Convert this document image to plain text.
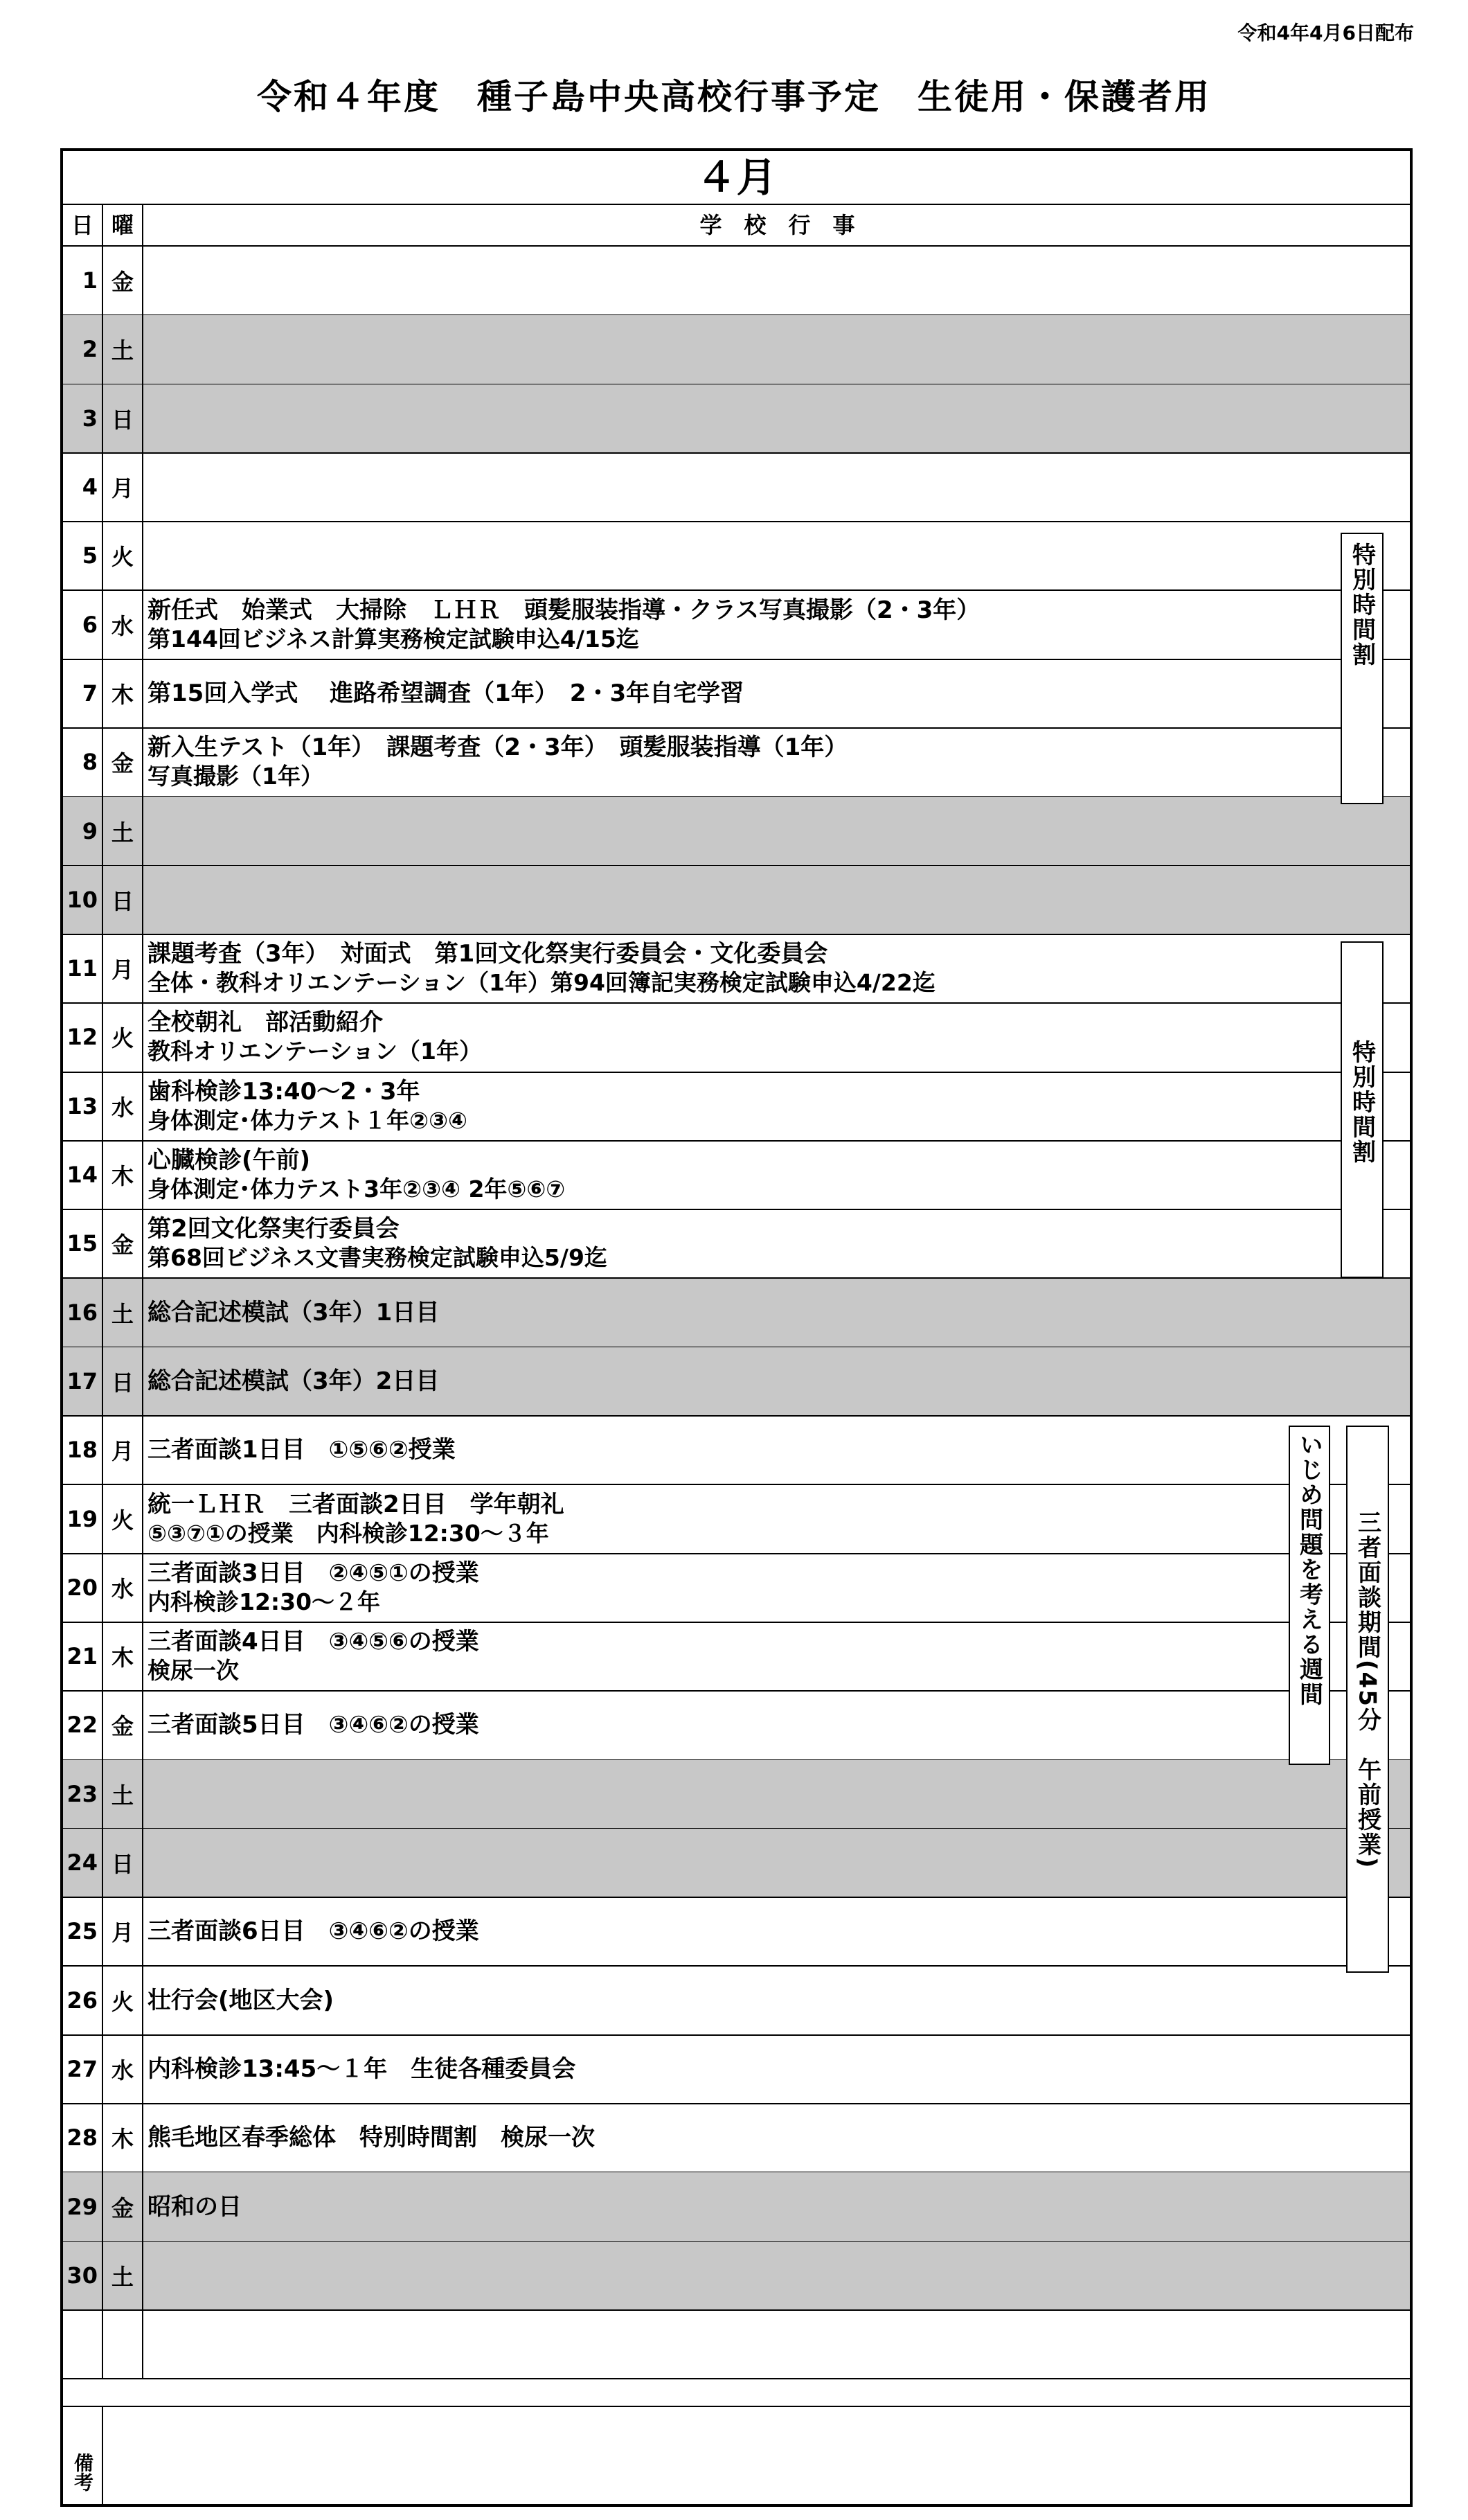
令和4年4月6日配布
令和４年度　種子島中央高校行事予定　生徒用・保護者用
４月
日 曜	学　校　行　事
1 金
2 土
3 日
4 月
5 火
6 水
新任式　始業式　大掃除　ＬＨＲ　頭髪服装指導・クラス写真撮影（2・3年）
第144回ビジネス計算実務検定試験申込4/15迄
7 木 第15回入学式　 進路希望調査（1年）　2・3年自宅学習
8 金
新入生テスト（1年）　課題考査（2・3年）　頭髪服装指導（1年）
写真撮影（1年）
9 土
10 日
11 月
課題考査（3年）　対面式　第1回文化祭実行委員会・文化委員会
全体・教科オリエンテーション（1年）第94回簿記実務検定試験申込4/22迄
12 火
全校朝礼　部活動紹介
教科オリエンテーション（1年）
13 水
歯科検診13:40～2・3年
身体測定･体力テスト１年②③④
14 木
心臓検診(午前)
身体測定･体力テスト3年②③④ 2年⑤⑥⑦
15 金
第2回文化祭実行委員会
第68回ビジネス文書実務検定試験申込5/9迄
16 土 総合記述模試（3年）1日目
17 日 総合記述模試（3年）2日目
18 月 三者面談1日目　①⑤⑥②授業
19 火
統一ＬＨＲ　三者面談2日目　学年朝礼
⑤③⑦①の授業　内科検診12:30～３年
20 水
三者面談3日目　②④⑤①の授業
内科検診12:30～２年
21 木
三者面談4日目　③④⑤⑥の授業
検尿一次
22 金 三者面談5日目　③④⑥②の授業
23 土
24 日
25 月 三者面談6日目　③④⑥②の授業
26 火 壮行会(地区大会)
27 水 内科検診13:45～１年　生徒各種委員会
28 木 熊毛地区春季総体　特別時間割　検尿一次
29 金 昭和の日
30 土
特別時間割
特別時間割
いじめ問題を考える週間 三者面談期間(45分　午前授業)
備考
